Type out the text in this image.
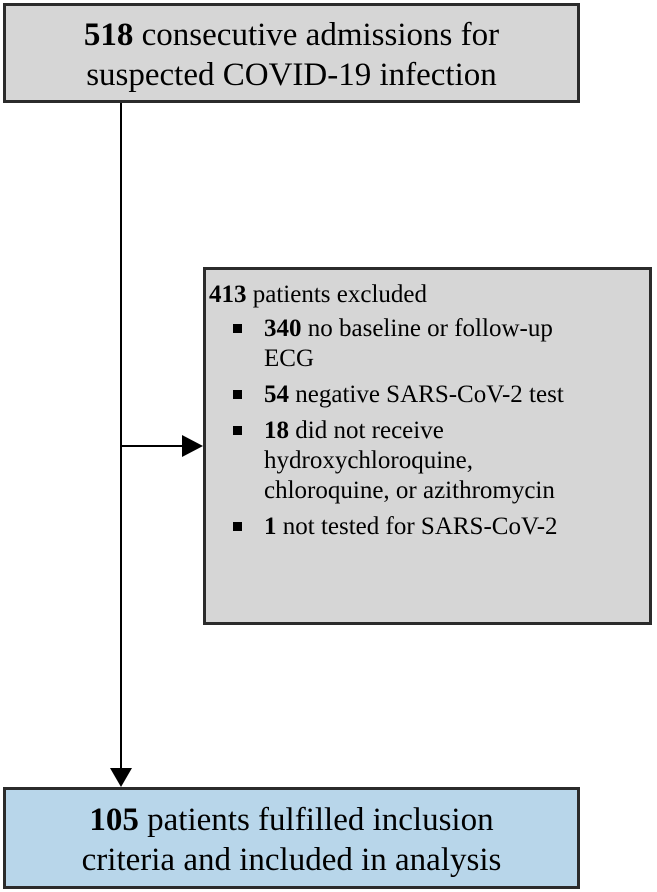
518 consecutive admissions for
suspected COVID-19 infection
413 patients excluded
340 no baseline or follow-up
ECG
54 negative SARS-CoV-2 test
18 did not receive
hydroxychloroquine,
chloroquine, or azithromycin
1 not tested for SARS-CoV-2
105 patients fulfilled inclusion
criteria and included in analysis
